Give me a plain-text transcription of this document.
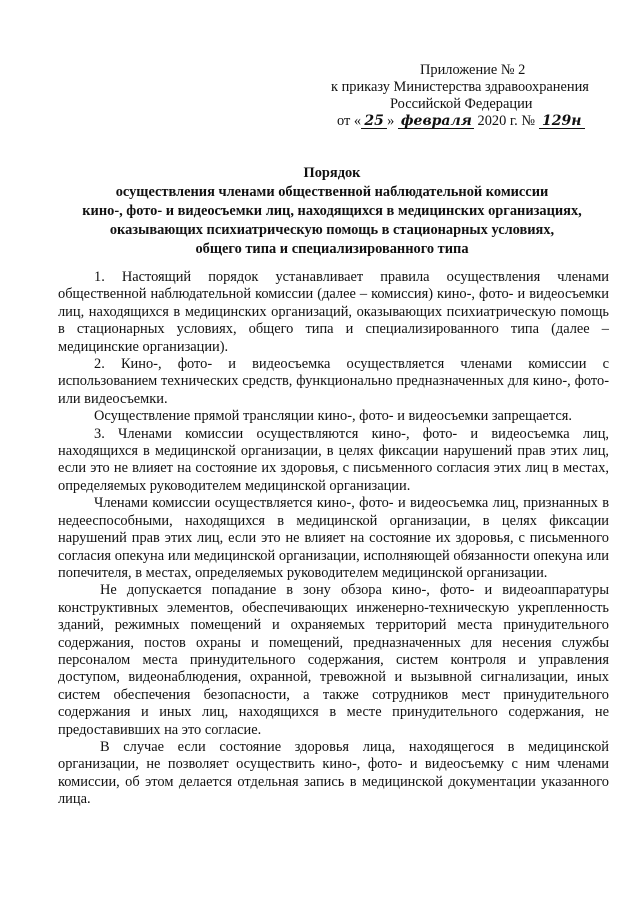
Приложение № 2
к приказу Министерства здравоохранения
Российской Федерации
от « 25 » февраля 2020 г. № 129н
Порядок
осуществления членами общественной наблюдательной комиссии
кино-, фото- и видеосъемки лиц, находящихся в медицинских организациях,
оказывающих психиатрическую помощь в стационарных условиях,
общего типа и специализированного типа

1. Настоящий порядок устанавливает правила осуществления членами общественной наблюдательной комиссии (далее – комиссия) кино-, фото- и видеосъемки лиц, находящихся в медицинских организаций, оказывающих психиатрическую помощь в стационарных условиях, общего типа и специализированного типа (далее – медицинские организации).

2. Кино-, фото- и видеосъемка осуществляется членами комиссии с использованием технических средств, функционально предназначенных для кино-, фото- или видеосъемки.

Осуществление прямой трансляции кино-, фото- и видеосъемки запрещается.

3. Членами комиссии осуществляются кино-, фото- и видеосъемка лиц, находящихся в медицинской организации, в целях фиксации нарушений прав этих лиц, если это не влияет на состояние их здоровья, с письменного согласия этих лиц в местах, определяемых руководителем медицинской организации.

Членами комиссии осуществляется кино-, фото- и видеосъемка лиц, признанных в недееспособными, находящихся в медицинской организации, в целях фиксации нарушений прав этих лиц, если это не влияет на состояние их здоровья, с письменного согласия опекуна или медицинской организации, исполняющей обязанности опекуна или попечителя, в местах, определяемых руководителем медицинской организации.

Не допускается попадание в зону обзора кино-, фото- и видеоаппаратуры конструктивных элементов, обеспечивающих инженерно-техническую укрепленность зданий, режимных помещений и охраняемых территорий места принудительного содержания, постов охраны и помещений, предназначенных для несения службы персоналом места принудительного содержания, систем контроля и управления доступом, видеонаблюдения, охранной, тревожной и вызывной сигнализации, иных систем обеспечения безопасности, а также сотрудников мест принудительного содержания и иных лиц, находящихся в месте принудительного содержания, не предоставивших на это согласие.

В случае если состояние здоровья лица, находящегося в медицинской организации, не позволяет осуществить кино-, фото- и видеосъемку с ним членами комиссии, об этом делается отдельная запись в медицинской документации указанного лица.
